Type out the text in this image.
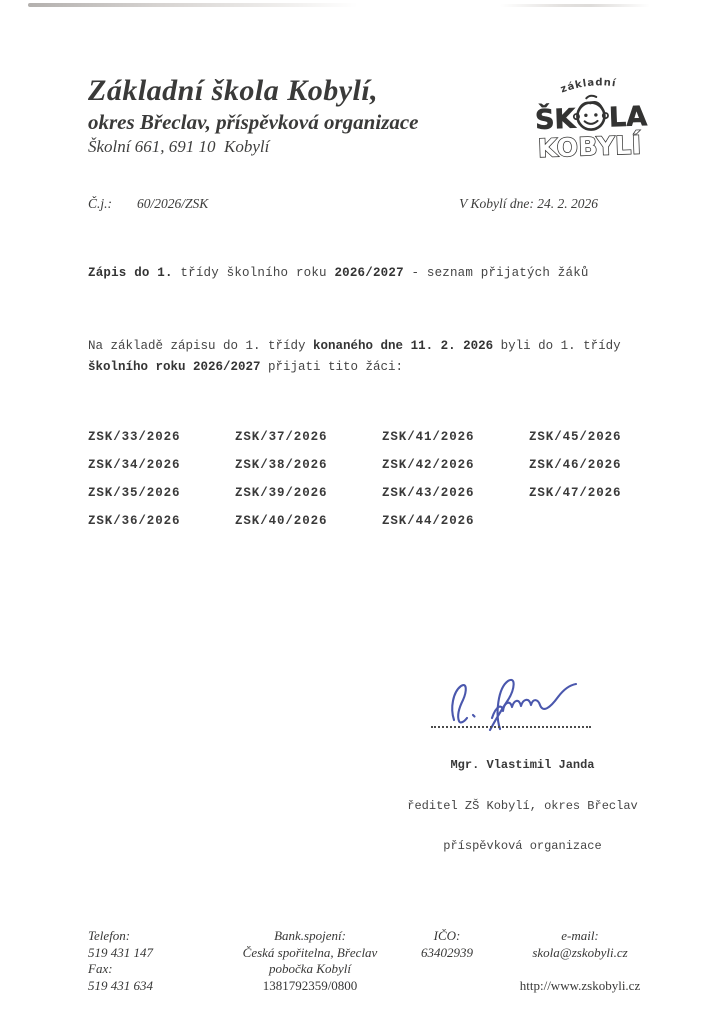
Základní škola Kobylí,
okres Břeclav, příspěvková organizace
Školní 661, 691 10  Kobylí
základní
ŠK LA
KOBYLÍ
Č.j.: 60/2026/ZSK	V Kobylí dne: 24. 2. 2026
Zápis do 1. třídy školního roku 2026/2027 - seznam přijatých žáků
Na základě zápisu do 1. třídy konaného dne 11. 2. 2026 byli do 1. třídy
školního roku 2026/2027 přijati tito žáci:
ZSK/33/2026	ZSK/37/2026	ZSK/41/2026	ZSK/45/2026
ZSK/34/2026	ZSK/38/2026	ZSK/42/2026	ZSK/46/2026
ZSK/35/2026	ZSK/39/2026	ZSK/43/2026	ZSK/47/2026
ZSK/36/2026	ZSK/40/2026	ZSK/44/2026

Mgr. Vlastimil Janda

ředitel ZŠ Kobylí, okres Břeclav

příspěvková organizace

Telefon:
519 431 147
Fax:
519 431 634
Bank.spojení:
Česká spořitelna, Břeclav
pobočka Kobylí
1381792359/0800
IČO:
63402939
e-mail:
skola@zskobyli.cz
http://www.zskobyli.cz
